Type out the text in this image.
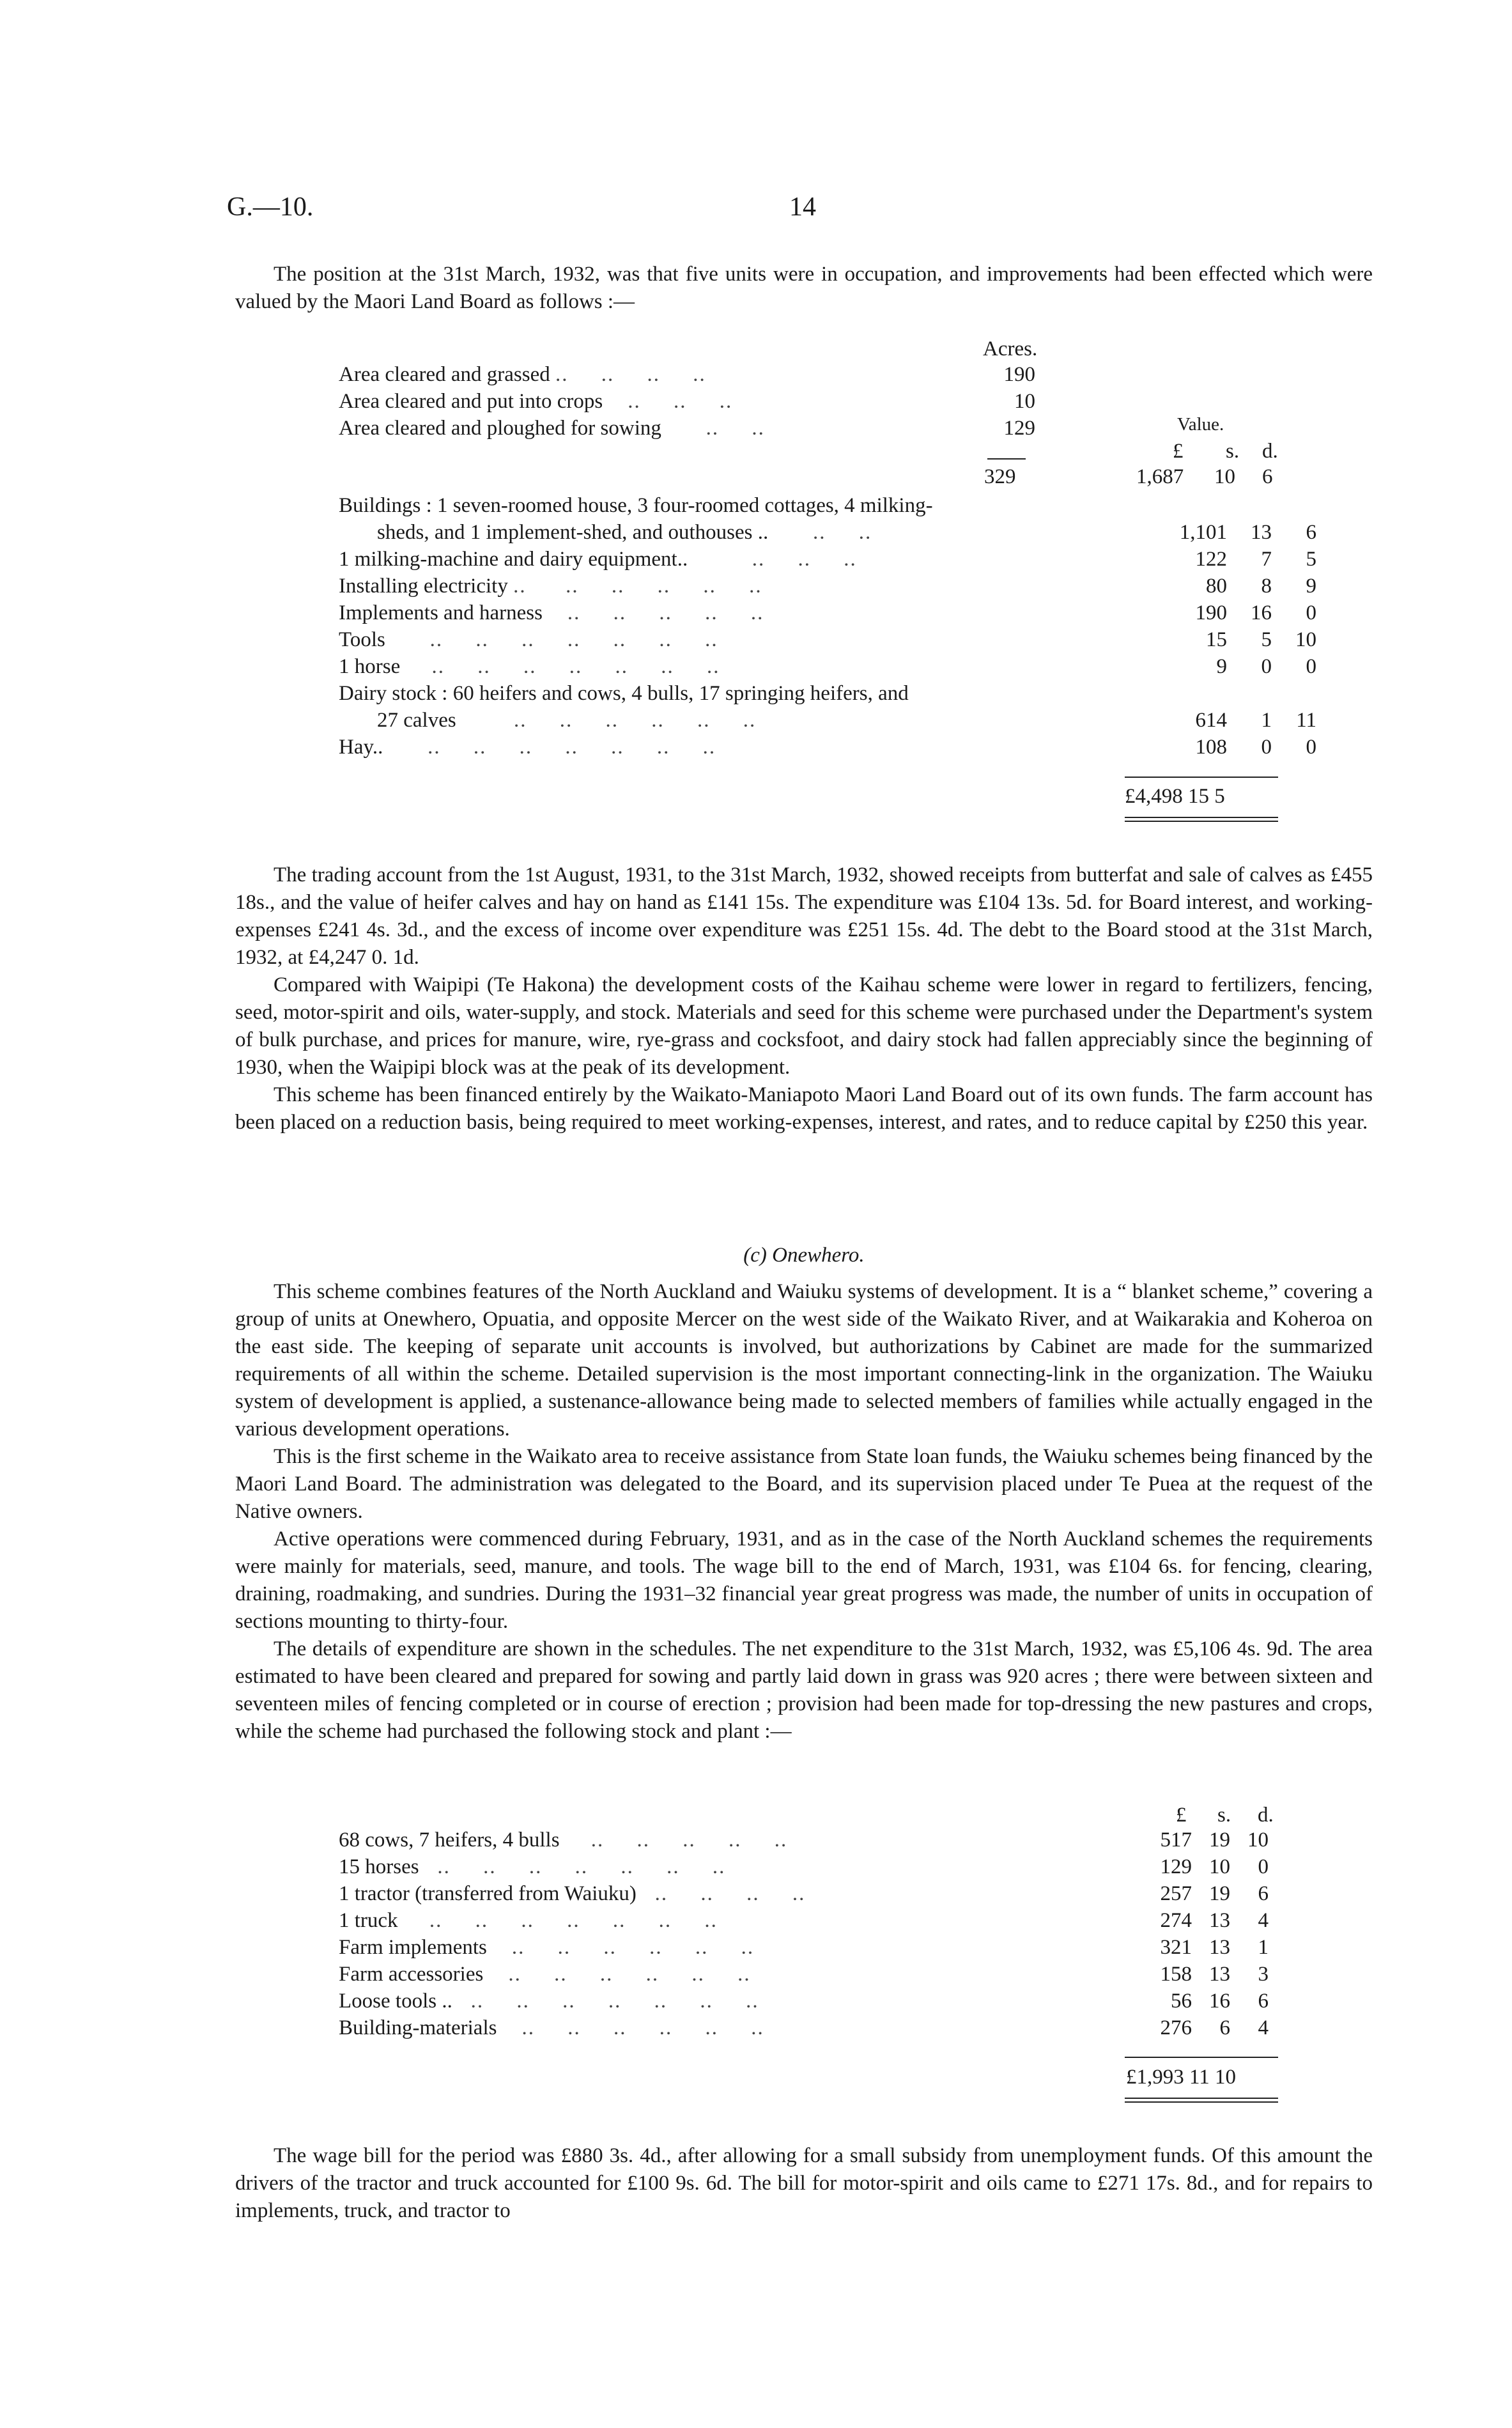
G.—10.	14

The position at the 31st March, 1932, was that five units were in occupation, and improvements had been effected which were valued by the Maori Land Board as follows :—

Acres.
Area cleared and grassed ..     ..     ..     ..	190
Area cleared and put into crops    ..     ..     ..	10
Area cleared and ploughed for sowing       ..     ..	129	Value.
£ s. d.
329	1,687 10 6
Buildings : 1 seven-roomed house, 3 four-roomed cottages, 4 milking-			
sheds, and 1 implement-shed, and outhouses ..       ..     ..	1,101	13	6
1 milking-machine and dairy equipment..          ..     ..     ..	122	7	5
Installing electricity ..      ..     ..     ..     ..     ..	80	8	9
Implements and harness    ..     ..     ..     ..     ..	190	16	0
Tools       ..     ..     ..     ..     ..     ..     ..	15	5	10
1 horse     ..     ..     ..     ..     ..     ..     ..	9	0	0
Dairy stock : 60 heifers and cows, 4 bulls, 17 springing heifers, and			
27 calves         ..     ..     ..     ..     ..     ..	614	1	11
Hay..       ..     ..     ..     ..     ..     ..     ..	108	0	0
£4,498 15 5

The trading account from the 1st August, 1931, to the 31st March, 1932, showed receipts from butterfat and sale of calves as £455 18s., and the value of heifer calves and hay on hand as £141 15s. The expenditure was £104 13s. 5d. for Board interest, and working-expenses £241 4s. 3d., and the excess of income over expenditure was £251 15s. 4d. The debt to the Board stood at the 31st March, 1932, at £4,247 0. 1d.

Compared with Waipipi (Te Hakona) the development costs of the Kaihau scheme were lower in regard to fertilizers, fencing, seed, motor-spirit and oils, water-supply, and stock. Materials and seed for this scheme were purchased under the Department's system of bulk purchase, and prices for manure, wire, rye-grass and cocksfoot, and dairy stock had fallen appreciably since the beginning of 1930, when the Waipipi block was at the peak of its development.

This scheme has been financed entirely by the Waikato-Maniapoto Maori Land Board out of its own funds. The farm account has been placed on a reduction basis, being required to meet working-expenses, interest, and rates, and to reduce capital by £250 this year.

(c) Onewhero.

This scheme combines features of the North Auckland and Waiuku systems of development. It is a “ blanket scheme,” covering a group of units at Onewhero, Opuatia, and opposite Mercer on the west side of the Waikato River, and at Waikarakia and Koheroa on the east side. The keeping of separate unit accounts is involved, but authorizations by Cabinet are made for the summarized requirements of all within the scheme. Detailed supervision is the most important connecting-link in the organization. The Waiuku system of development is applied, a sustenance-allowance being made to selected members of families while actually engaged in the various development operations.

This is the first scheme in the Waikato area to receive assistance from State loan funds, the Waiuku schemes being financed by the Maori Land Board. The administration was delegated to the Board, and its supervision placed under Te Puea at the request of the Native owners.

Active operations were commenced during February, 1931, and as in the case of the North Auckland schemes the requirements were mainly for materials, seed, manure, and tools. The wage bill to the end of March, 1931, was £104 6s. for fencing, clearing, draining, roadmaking, and sundries. During the 1931–32 financial year great progress was made, the number of units in occupation of sections mounting to thirty-four.

The details of expenditure are shown in the schedules. The net expenditure to the 31st March, 1932, was £5,106 4s. 9d. The area estimated to have been cleared and prepared for sowing and partly laid down in grass was 920 acres ; there were between sixteen and seventeen miles of fencing completed or in course of erection ; provision had been made for top-dressing the new pastures and crops, while the scheme had purchased the following stock and plant :—

£ s. d.
68 cows, 7 heifers, 4 bulls     ..     ..     ..     ..     ..	517	19	10
15 horses   ..     ..     ..     ..     ..     ..     ..	129	10	0
1 tractor (transferred from Waiuku)   ..     ..     ..     ..	257	19	6
1 truck     ..     ..     ..     ..     ..     ..     ..	274	13	4
Farm implements    ..     ..     ..     ..     ..     ..	321	13	1
Farm accessories    ..     ..     ..     ..     ..     ..	158	13	3
Loose tools ..   ..     ..     ..     ..     ..     ..     ..	56	16	6
Building-materials    ..     ..     ..     ..     ..     ..	276	6	4
£1,993 11 10

The wage bill for the period was £880 3s. 4d., after allowing for a small subsidy from unemployment funds. Of this amount the drivers of the tractor and truck accounted for £100 9s. 6d. The bill for motor-spirit and oils came to £271 17s. 8d., and for repairs to implements, truck, and tractor to
